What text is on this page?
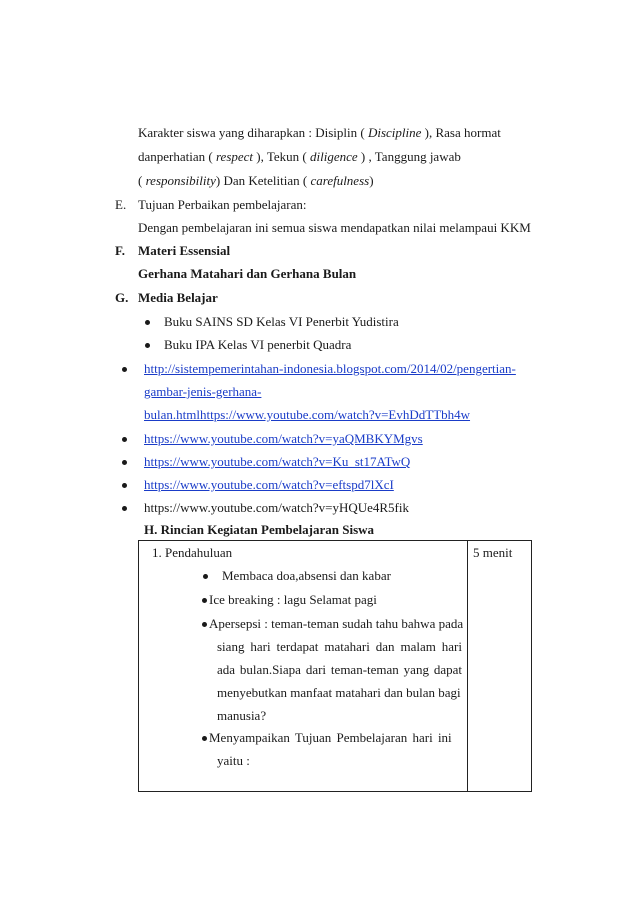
Karakter siswa yang diharapkan : Disiplin ( Discipline ), Rasa hormat
danperhatian ( respect ), Tekun ( diligence ) , Tanggung jawab
( responsibility) Dan Ketelitian ( carefulness)
E. Tujuan Perbaikan pembelajaran:
Dengan pembelajaran ini semua siswa mendapatkan nilai melampaui KKM
F. Materi Essensial
Gerhana Matahari dan Gerhana Bulan
G. Media Belajar
Buku SAINS SD Kelas VI Penerbit Yudistira
Buku IPA Kelas VI penerbit Quadra
http://sistempemerintahan-indonesia.blogspot.com/2014/02/pengertian-
gambar-jenis-gerhana-
bulan.htmlhttps://www.youtube.com/watch?v=EvhDdTTbh4w
https://www.youtube.com/watch?v=yaQMBKYMgvs
https://www.youtube.com/watch?v=Ku_st17ATwQ
https://www.youtube.com/watch?v=eftspd7lXcI
https://www.youtube.com/watch?v=yHQUe4R5fik
H. Rincian Kegiatan Pembelajaran Siswa
1. Pendahuluan	5 menit
Membaca doa,absensi dan kabar
Ice breaking : lagu Selamat pagi
Apersepsi : teman-teman sudah tahu bahwa pada
siang hari terdapat matahari dan malam hari
ada bulan.Siapa dari teman-teman yang dapat
menyebutkan manfaat matahari dan bulan bagi
manusia?
Menyampaikan Tujuan Pembelajaran hari ini
yaitu :
